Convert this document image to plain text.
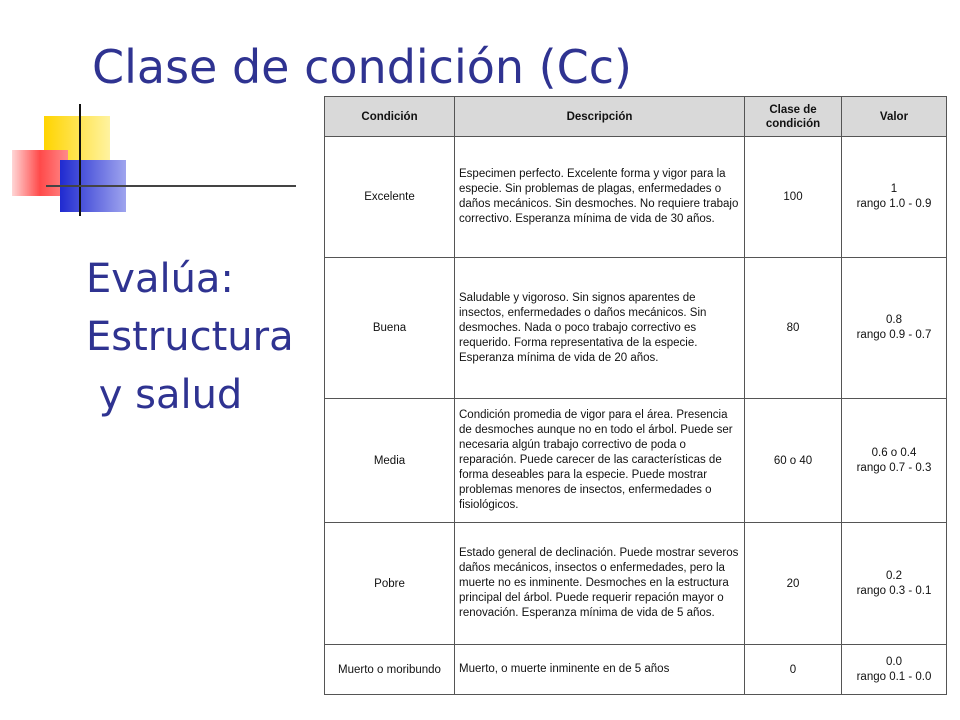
Clase de condición (Cc)
Evalúa:
Estructura
y salud
Condición	Descripción	Clase de condición	Valor
Excelente	Especimen perfecto. Excelente forma y vigor para la especie. Sin problemas de plagas, enfermedades o daños mecánicos. Sin desmoches. No requiere trabajo correctivo. Esperanza mínima de vida de 30 años.	100	1
rango 1.0 - 0.9

Buena	Saludable y vigoroso. Sin signos aparentes de insectos, enfermedades o daños mecánicos. Sin desmoches. Nada o poco trabajo correctivo es requerido. Forma representativa de la especie. Esperanza mínima de vida de 20 años.	80	0.8
rango 0.9 - 0.7

Media	Condición promedia de vigor para el área. Presencia de desmoches aunque no en todo el árbol. Puede ser necesaria algún trabajo correctivo de poda o reparación. Puede carecer de las características de forma deseables para la especie. Puede mostrar problemas menores de insectos, enfermedades o fisiológicos.	60 o 40	0.6 o 0.4
rango 0.7 - 0.3

Pobre	Estado general de declinación. Puede mostrar severos daños mecánicos, insectos o enfermedades, pero la muerte no es inminente. Desmoches en la estructura principal del árbol. Puede requerir repación mayor o renovación. Esperanza mínima de vida de 5 años.	20	0.2
rango 0.3 - 0.1

Muerto o moribundo	Muerto, o muerte inminente en de 5 años	0	0.0
rango 0.1 - 0.0
